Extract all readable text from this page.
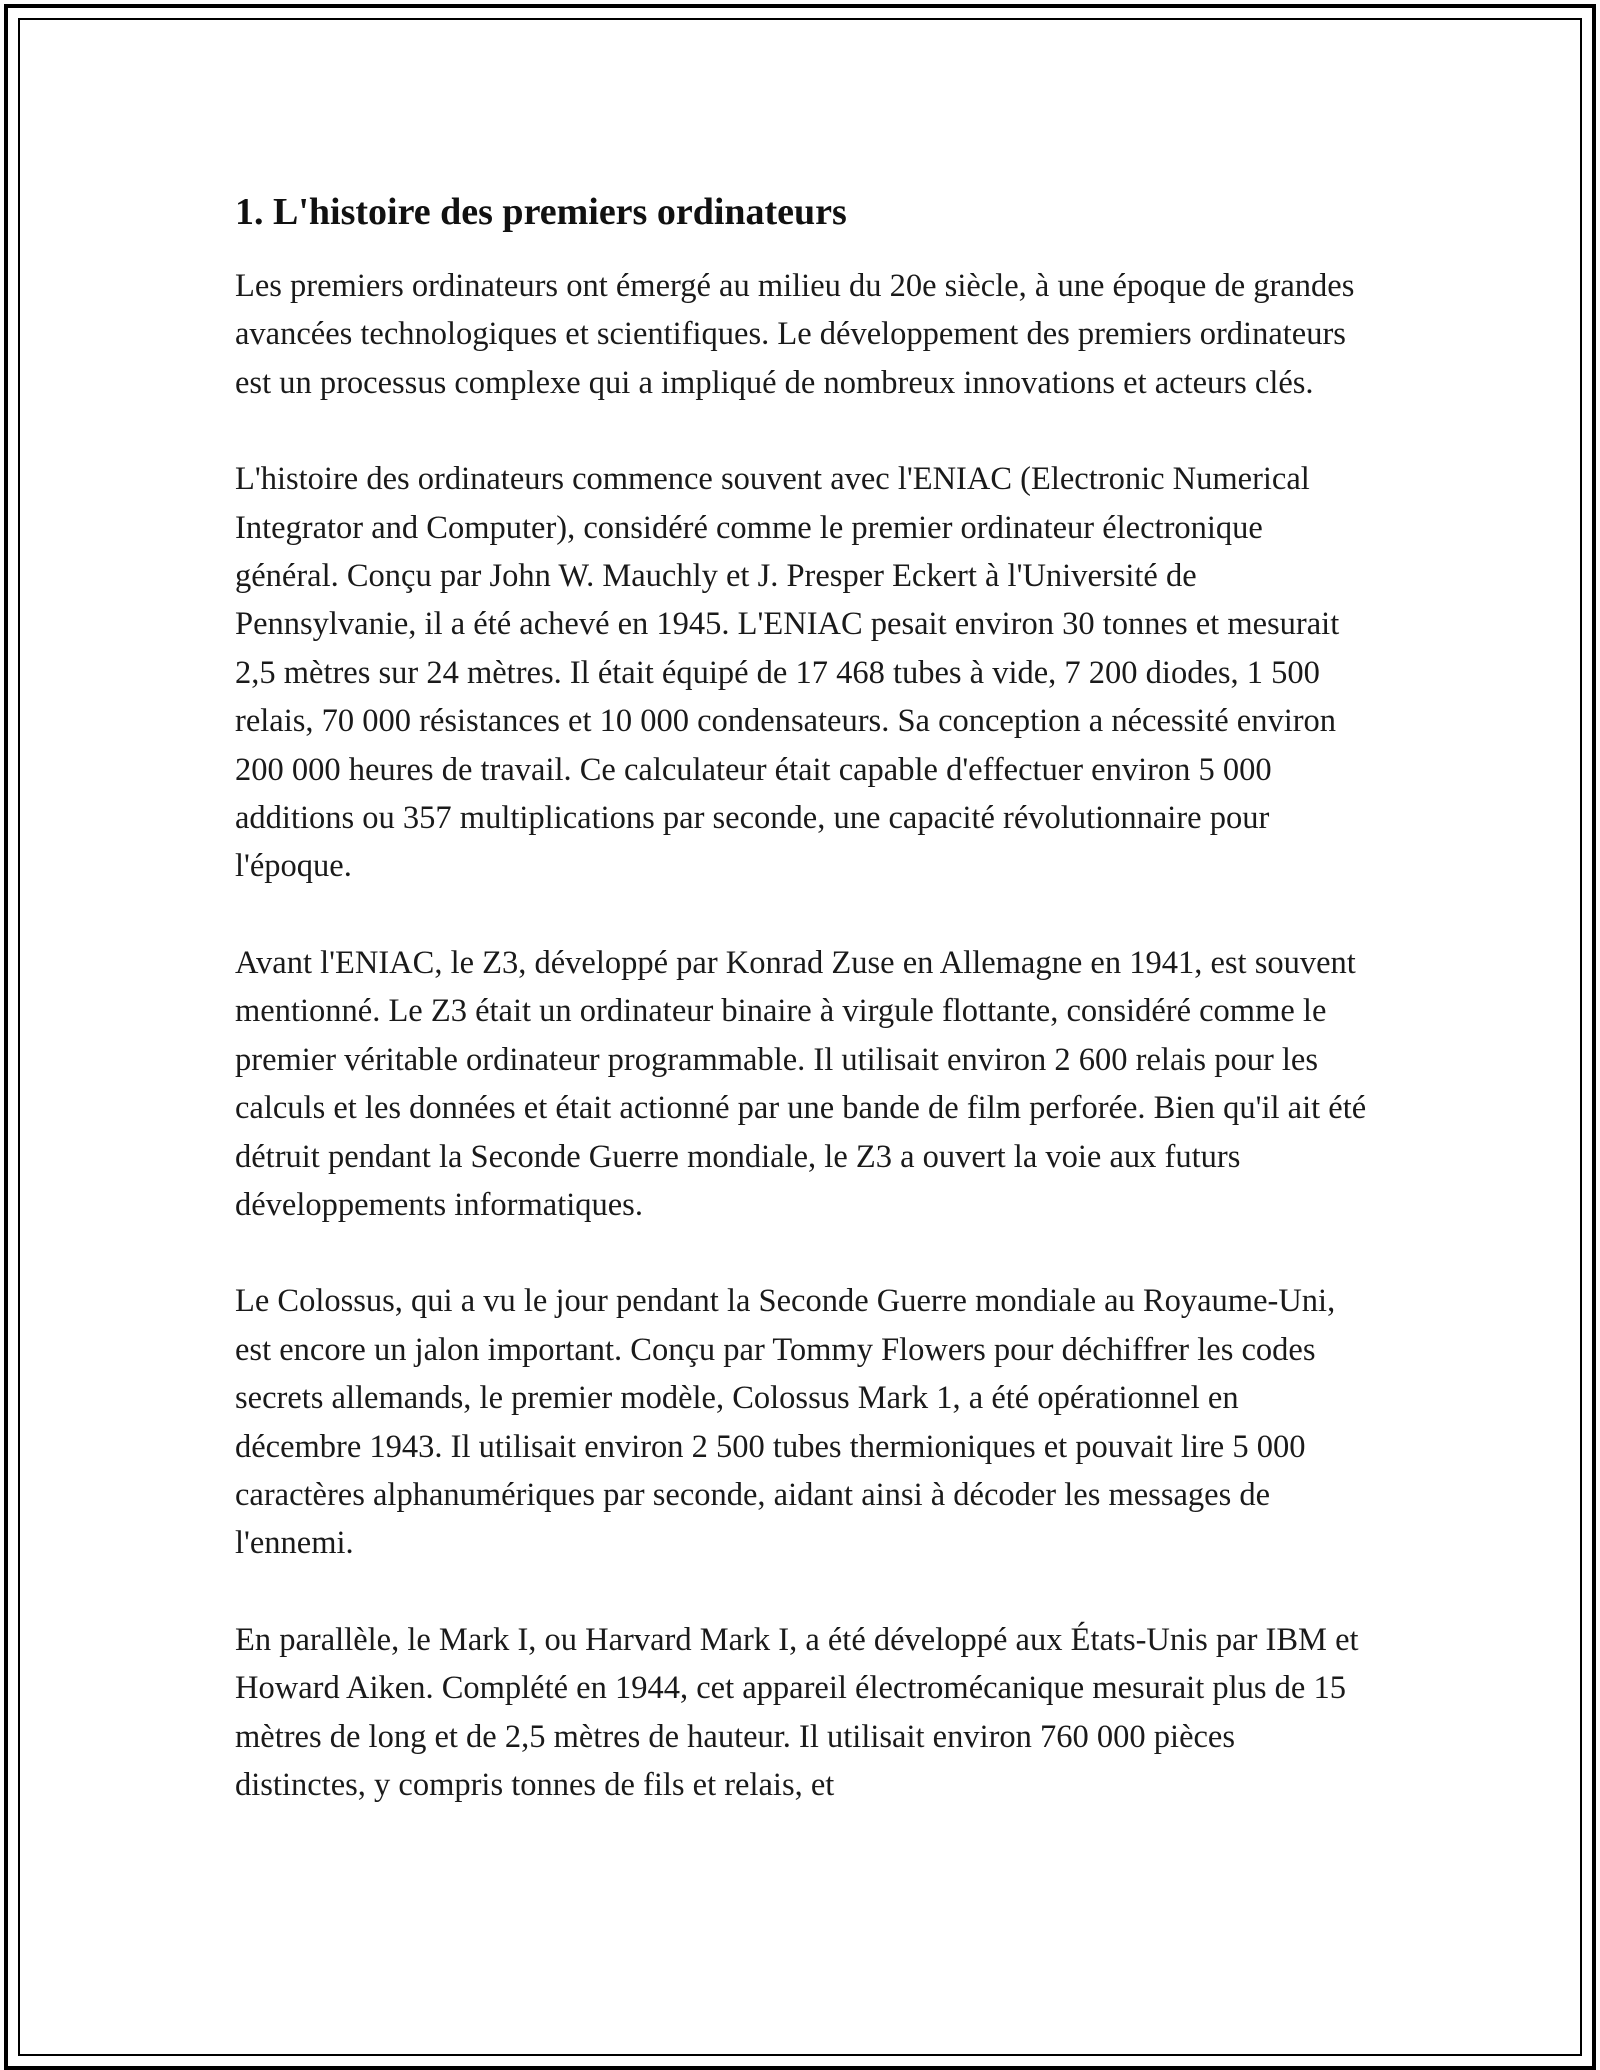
1. L'histoire des premiers ordinateurs

Les premiers ordinateurs ont émergé au milieu du 20e siècle, à une époque de grandes avancées technologiques et scientifiques. Le développement des premiers ordinateurs est un processus complexe qui a impliqué de nombreux innovations et acteurs clés.

L'histoire des ordinateurs commence souvent avec l'ENIAC (Electronic Numerical Integrator and Computer), considéré comme le premier ordinateur électronique général. Conçu par John W. Mauchly et J. Presper Eckert à l'Université de Pennsylvanie, il a été achevé en 1945. L'ENIAC pesait environ 30 tonnes et mesurait 2,5 mètres sur 24 mètres. Il était équipé de 17 468 tubes à vide, 7 200 diodes, 1 500 relais, 70 000 résistances et 10 000 condensateurs. Sa conception a nécessité environ 200 000 heures de travail. Ce calculateur était capable d'effectuer environ 5 000 additions ou 357 multiplications par seconde, une capacité révolutionnaire pour l'époque.

Avant l'ENIAC, le Z3, développé par Konrad Zuse en Allemagne en 1941, est souvent mentionné. Le Z3 était un ordinateur binaire à virgule flottante, considéré comme le premier véritable ordinateur programmable. Il utilisait environ 2 600 relais pour les calculs et les données et était actionné par une bande de film perforée. Bien qu'il ait été détruit pendant la Seconde Guerre mondiale, le Z3 a ouvert la voie aux futurs développements informatiques.

Le Colossus, qui a vu le jour pendant la Seconde Guerre mondiale au Royaume-Uni, est encore un jalon important. Conçu par Tommy Flowers pour déchiffrer les codes secrets allemands, le premier modèle, Colossus Mark 1, a été opérationnel en décembre 1943. Il utilisait environ 2 500 tubes thermioniques et pouvait lire 5 000 caractères alphanumériques par seconde, aidant ainsi à décoder les messages de l'ennemi.

En parallèle, le Mark I, ou Harvard Mark I, a été développé aux États-Unis par IBM et Howard Aiken. Complété en 1944, cet appareil électromécanique mesurait plus de 15 mètres de long et de 2,5 mètres de hauteur. Il utilisait environ 760 000 pièces distinctes, y compris tonnes de fils et relais, et
